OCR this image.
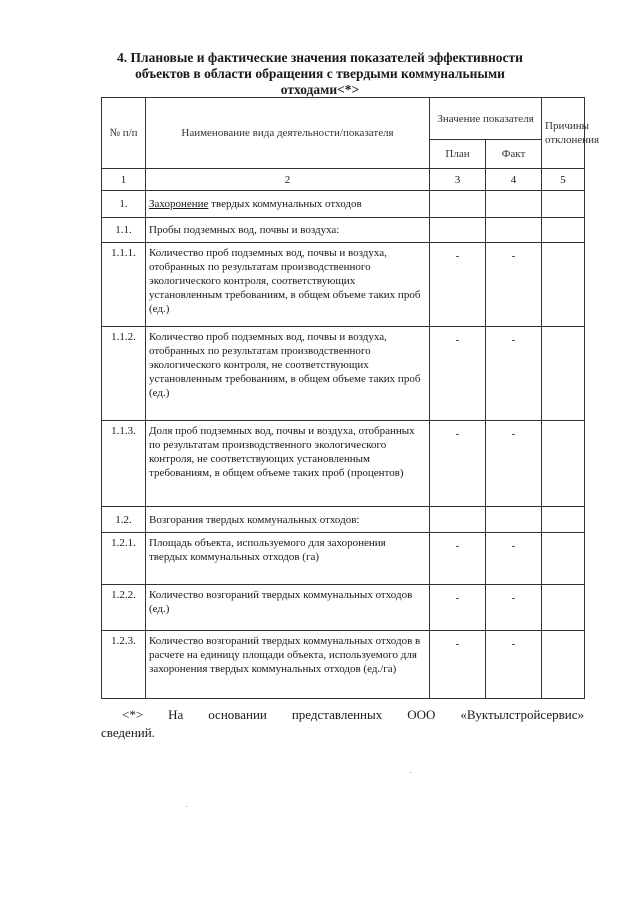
4. Плановые и фактические значения показателей эффективности
объектов в области обращения с твердыми коммунальными
отходами<*>
№ п/п	Наименование вида деятельности/показателя	Значение показателя		Причины отклонения
		План	Факт	
1	2	3	4	5
1.	Захоронение твердых коммунальных отходов			
1.1.	Пробы подземных вод, почвы и воздуха:			
1.1.1.	Количество проб подземных вод, почвы и воздуха, отобранных по результатам производственного экологического контроля, соответствующих установленным требованиям, в общем объеме таких проб (ед.)	-	-	
1.1.2.	Количество проб подземных вод, почвы и воздуха, отобранных по результатам производственного экологического контроля, не соответствующих установленным требованиям, в общем объеме таких проб (ед.)	-	-	
1.1.3.	Доля проб подземных вод, почвы и воздуха, отобранных по результатам производственного экологического контроля, не соответствующих установленным требованиям, в общем объеме таких проб (процентов)	-	-	
1.2.	Возгорания твердых коммунальных отходов:			
1.2.1.	Площадь объекта, используемого для захоронения твердых коммунальных отходов (га)	-	-	
1.2.2.	Количество возгораний твердых коммунальных отходов (ед.)	-	-	
1.2.3.	Количество возгораний твердых коммунальных отходов в расчете на единицу площади объекта, используемого для захоронения твердых коммунальных отходов (ед./га)	-	-	
<*> На основании представленных ООО «Вуктылстройсервис»
сведений.
